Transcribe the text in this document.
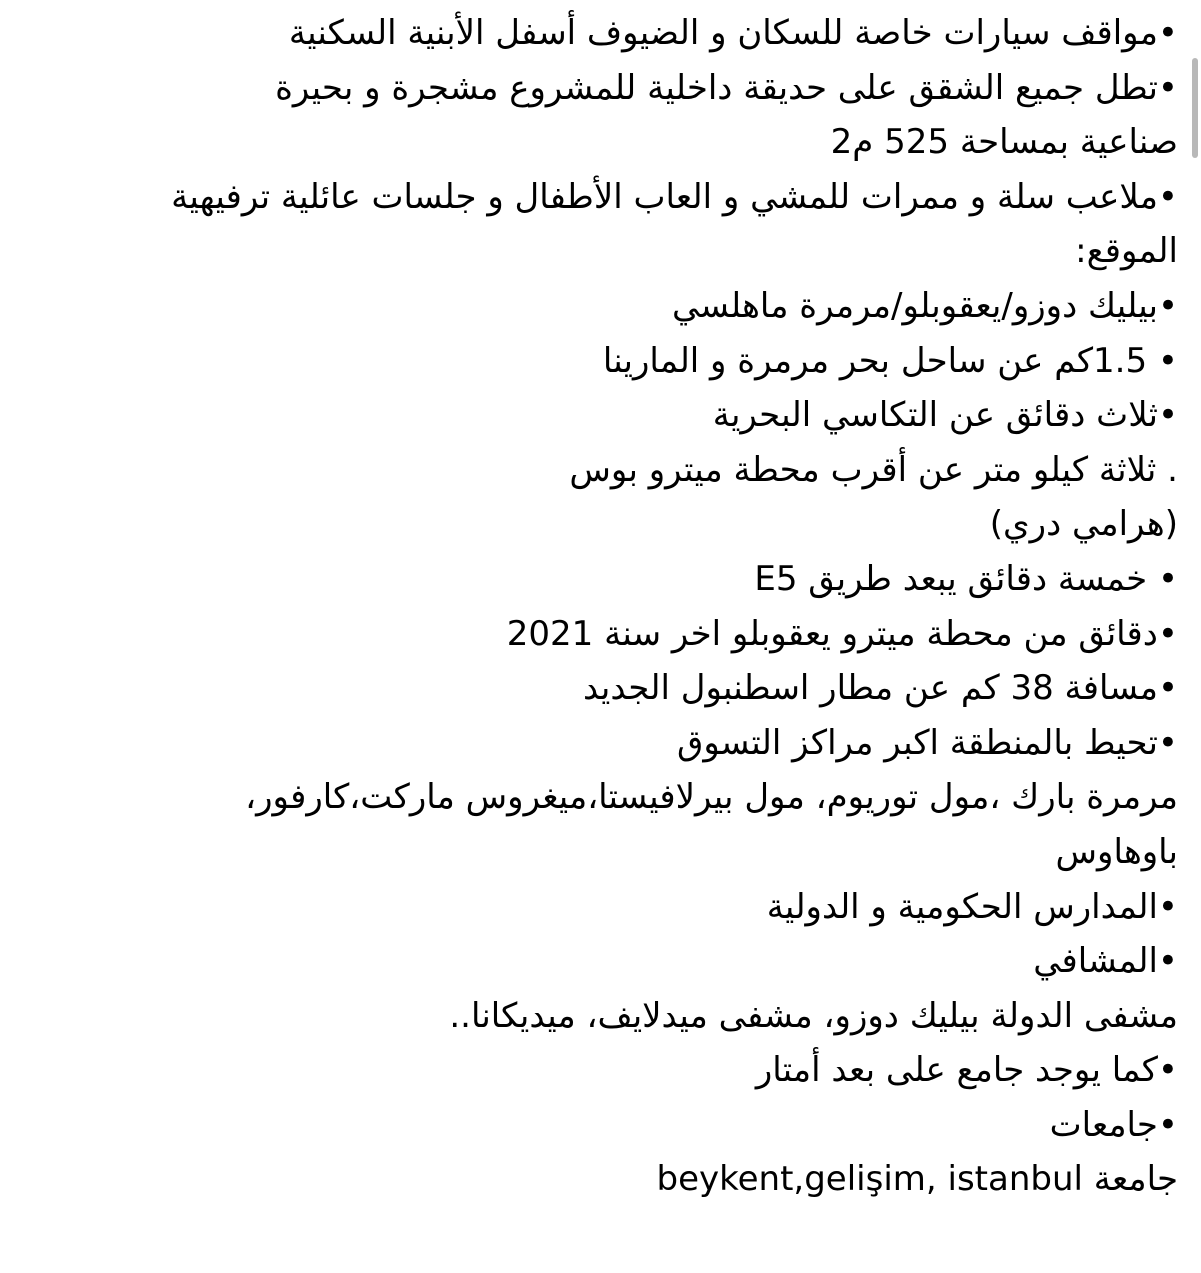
•مواقف سيارات خاصة للسكان و الضيوف أسفل الأبنية السكنية
•تطل جميع الشقق على حديقة داخلية للمشروع مشجرة و بحيرة
صناعية بمساحة 525 م2
•ملاعب سلة و ممرات للمشي و العاب الأطفال و جلسات عائلية ترفيهية
الموقع:
•بيليك دوزو/يعقوبلو/مرمرة ماهلسي
• 1.5كم عن ساحل بحر مرمرة و المارينا
•ثلاث دقائق عن التكاسي البحرية
. ثلاثة كيلو متر عن أقرب محطة ميترو بوس
(هرامي دري)
• خمسة دقائق يبعد طريق E5
•دقائق من محطة ميترو يعقوبلو اخر سنة 2021
•مسافة 38 كم عن مطار اسطنبول الجديد
•تحيط بالمنطقة اكبر مراكز التسوق
مرمرة بارك ،مول توريوم، مول بيرلافيستا،ميغروس ماركت،كارفور،
باوهاوس
•المدارس الحكومية و الدولية
•المشافي
مشفى الدولة بيليك دوزو، مشفى ميدلايف، ميديكانا..
•كما يوجد جامع على بعد أمتار
•جامعات
جامعة beykent,gelişim, istanbul
